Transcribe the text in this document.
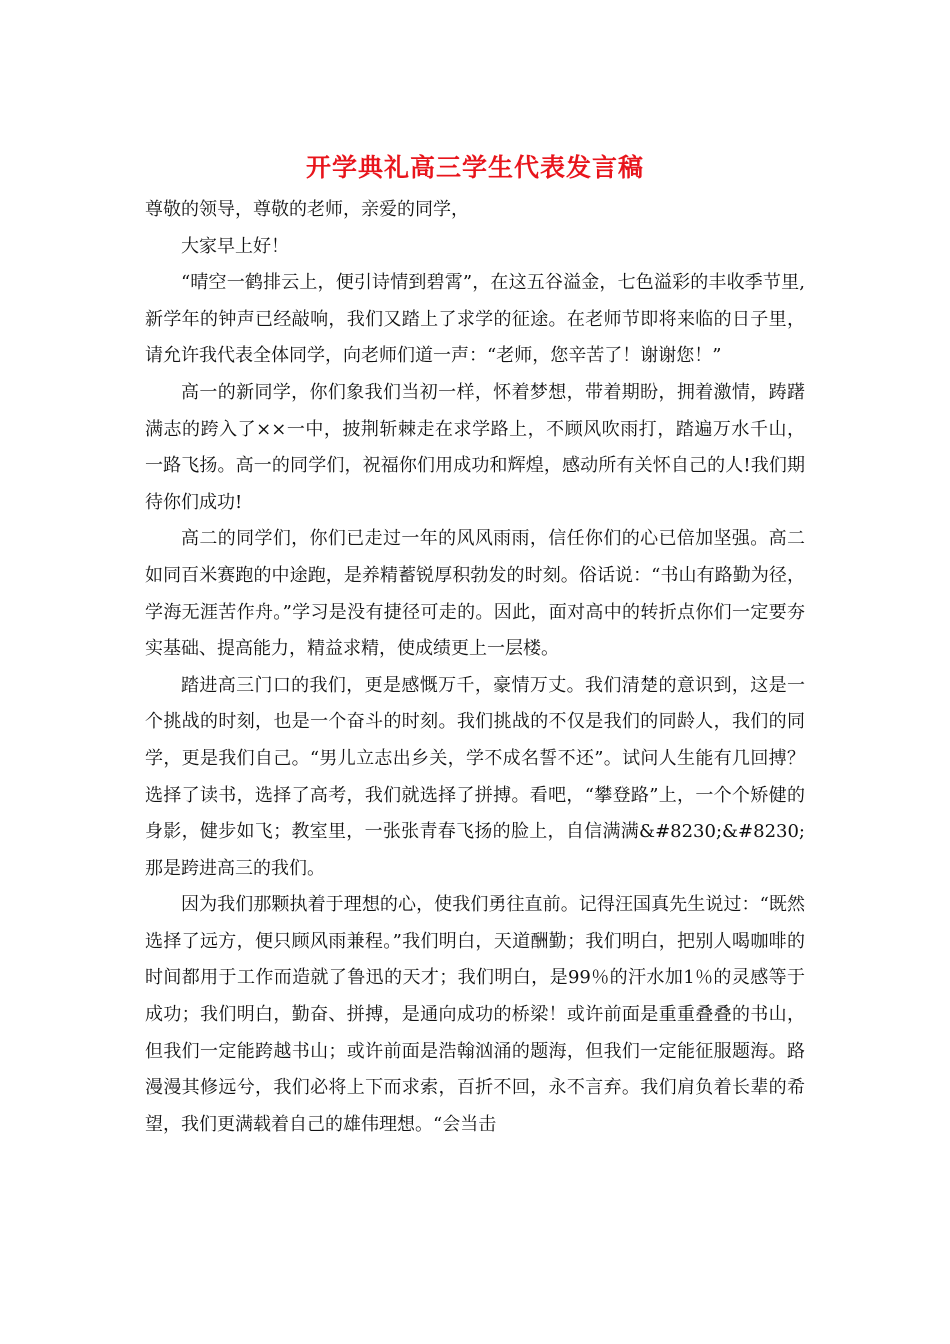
开学典礼高三学生代表发言稿

尊敬的领导，尊敬的老师，亲爱的同学，

大家早上好！

“晴空一鹤排云上，便引诗情到碧霄”，在这五谷溢金，七色溢彩的丰收季节里,新学年的钟声已经敲响，我们又踏上了求学的征途。在老师节即将来临的日子里，请允许我代表全体同学，向老师们道一声：“老师，您辛苦了！谢谢您！”

高一的新同学，你们象我们当初一样，怀着梦想，带着期盼，拥着激情，踌躇满志的跨入了××一中，披荆斩棘走在求学路上，不顾风吹雨打，踏遍万水千山，一路飞扬。高一的同学们，祝福你们用成功和辉煌，感动所有关怀自己的人!我们期待你们成功!

高二的同学们，你们已走过一年的风风雨雨，信任你们的心已倍加坚强。高二如同百米赛跑的中途跑，是养精蓄锐厚积勃发的时刻。俗话说：“书山有路勤为径，学海无涯苦作舟。”学习是没有捷径可走的。因此，面对高中的转折点你们一定要夯实基础、提高能力，精益求精，使成绩更上一层楼。

踏进高三门口的我们，更是感慨万千，豪情万丈。我们清楚的意识到，这是一个挑战的时刻，也是一个奋斗的时刻。我们挑战的不仅是我们的同龄人，我们的同学，更是我们自己。“男儿立志出乡关，学不成名誓不还”。试问人生能有几回搏？选择了读书，选择了高考，我们就选择了拼搏。看吧，“攀登路”上，一个个矫健的身影，健步如飞；教室里，一张张青春飞扬的脸上，自信满满&#8230;&#8230;那是跨进高三的我们。

因为我们那颗执着于理想的心，使我们勇往直前。记得汪国真先生说过：“既然选择了远方，便只顾风雨兼程。”我们明白，天道酬勤；我们明白，把别人喝咖啡的时间都用于工作而造就了鲁迅的天才；我们明白，是99％的汗水加1％的灵感等于成功；我们明白，勤奋、拼搏，是通向成功的桥梁！或许前面是重重叠叠的书山，但我们一定能跨越书山；或许前面是浩翰汹涌的题海，但我们一定能征服题海。路漫漫其修远兮，我们必将上下而求索，百折不回，永不言弃。我们肩负着长辈的希望，我们更满载着自己的雄伟理想。“会当击
